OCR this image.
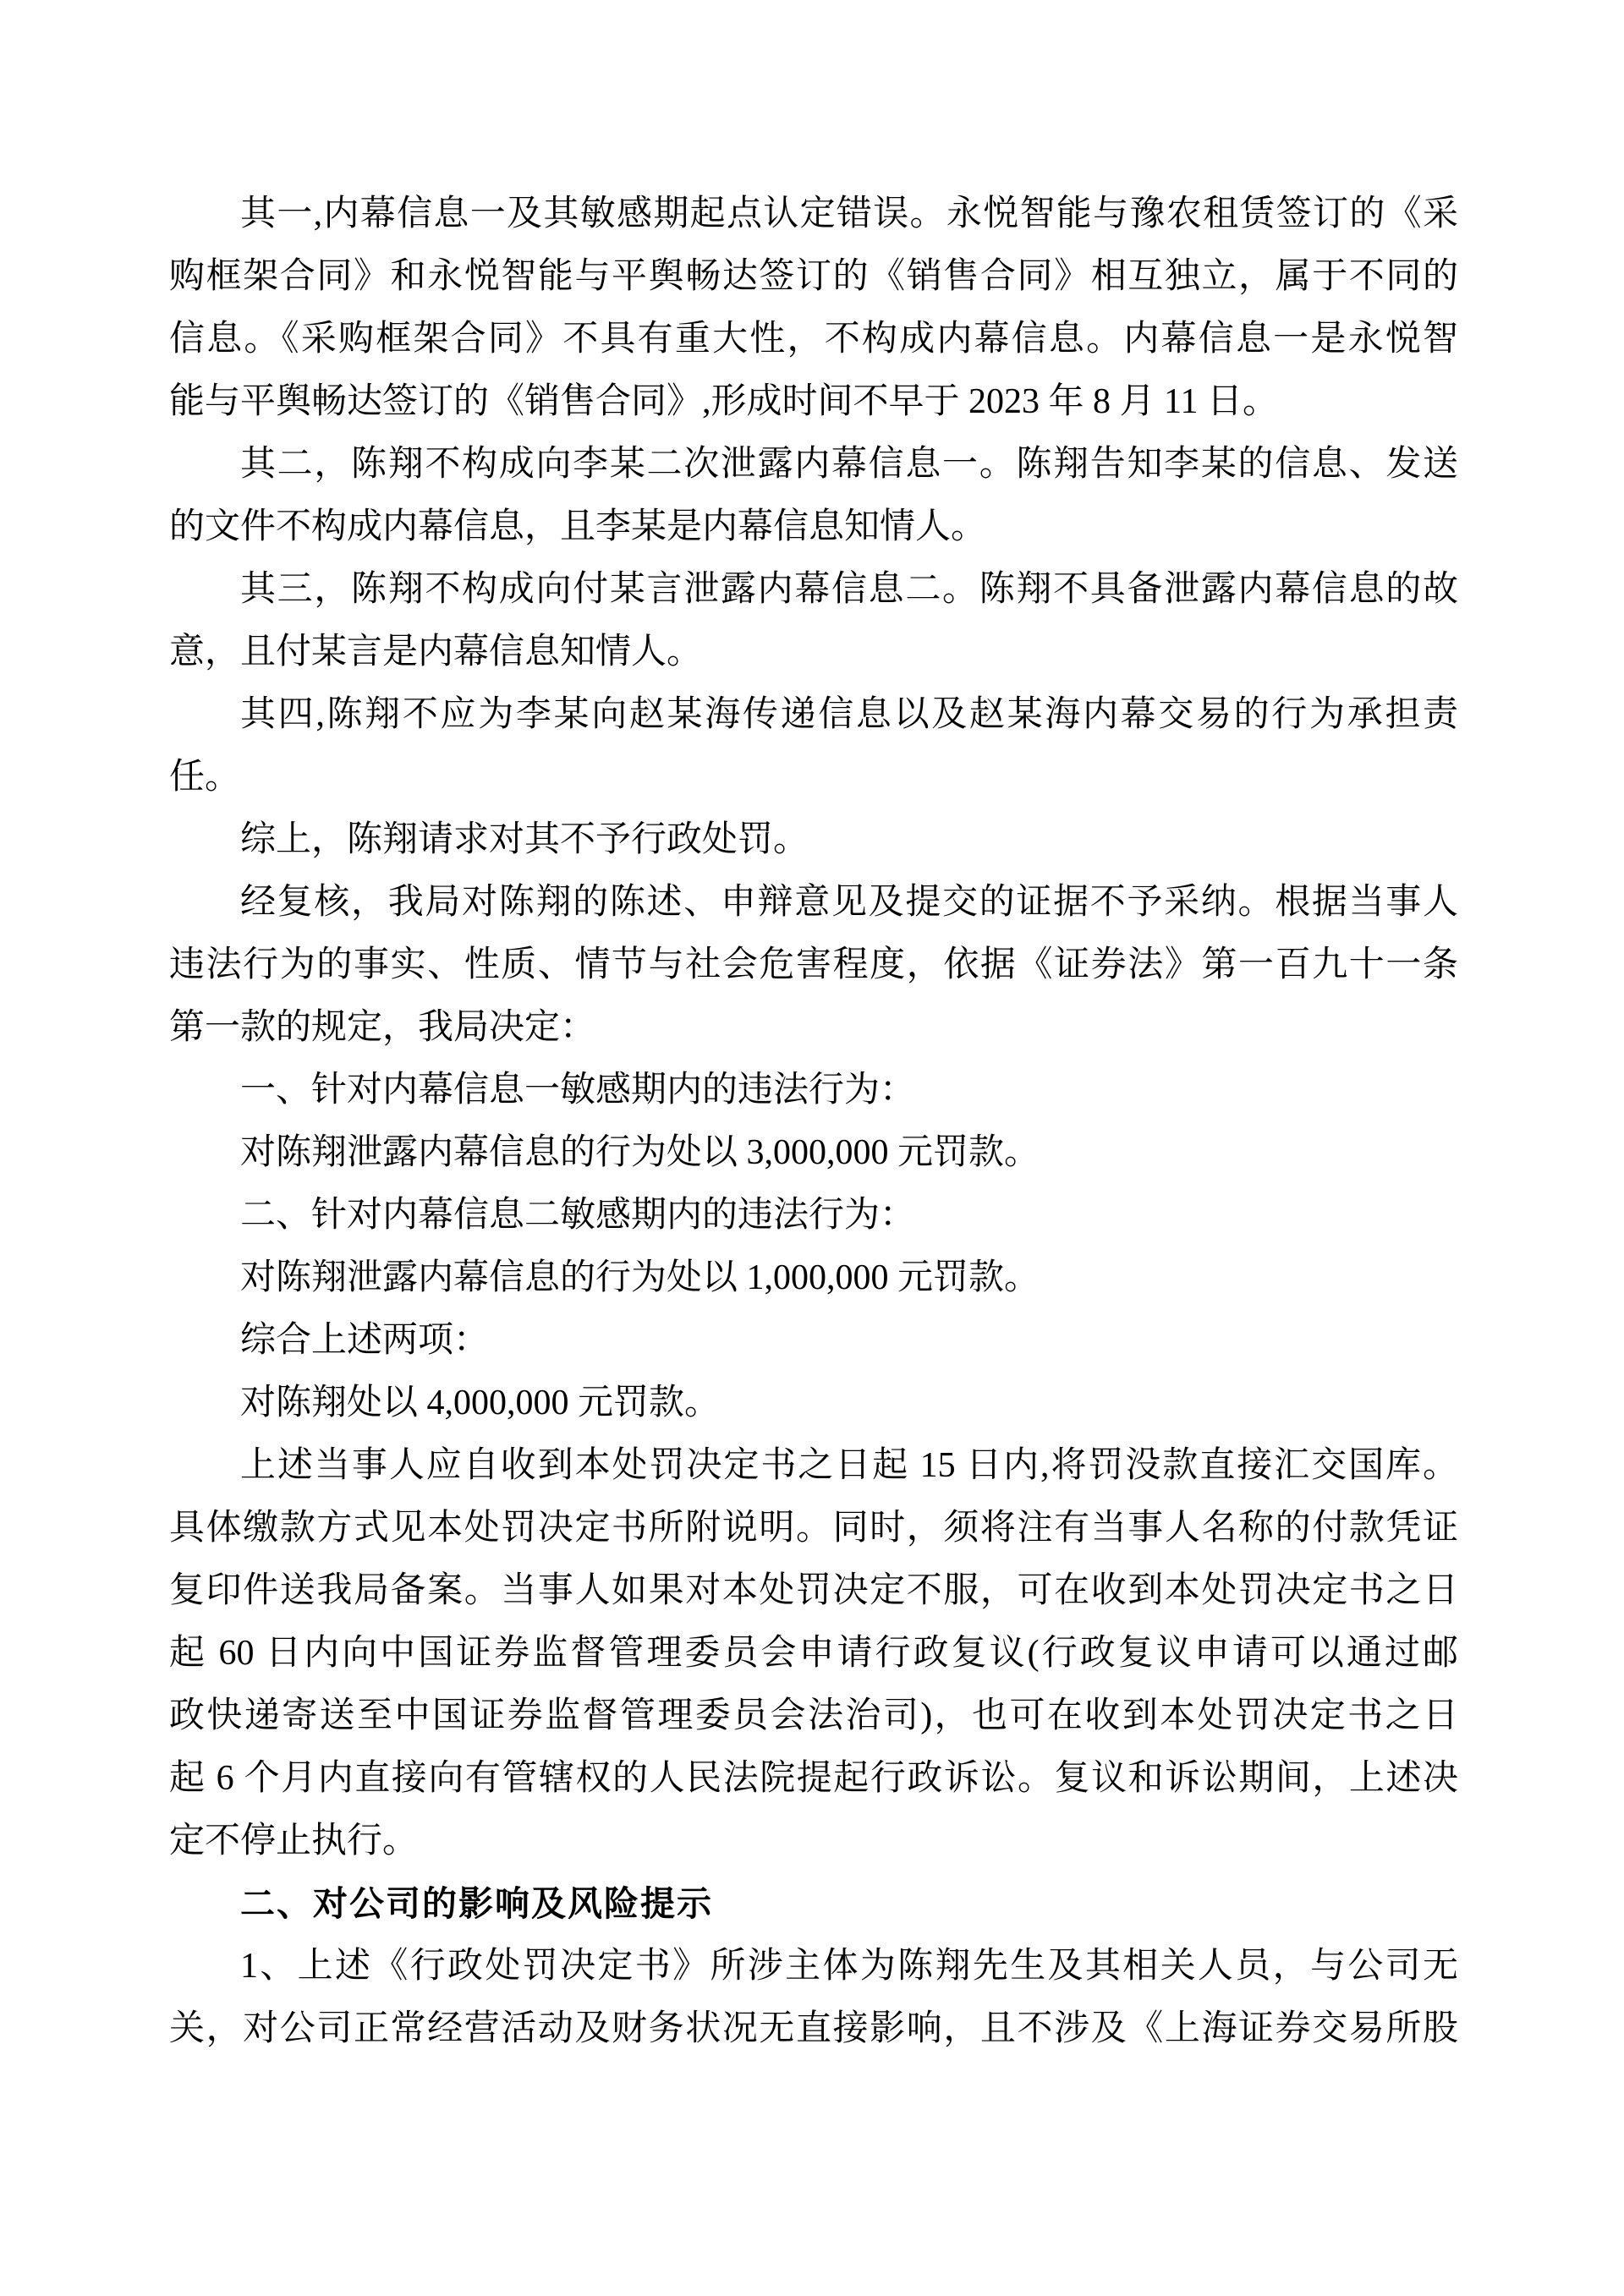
其一,内幕信息一及其敏感期起点认定错误。永悦智能与豫农租赁签订的《采
购框架合同》和永悦智能与平舆畅达签订的《销售合同》相互独立，属于不同的
信息。《采购框架合同》不具有重大性，不构成内幕信息。内幕信息一是永悦智
能与平舆畅达签订的《销售合同》,形成时间不早于 2023 年 8 月 11 日。
其二，陈翔不构成向李某二次泄露内幕信息一。陈翔告知李某的信息、发送
的文件不构成内幕信息，且李某是内幕信息知情人。
其三，陈翔不构成向付某言泄露内幕信息二。陈翔不具备泄露内幕信息的故
意，且付某言是内幕信息知情人。
其四,陈翔不应为李某向赵某海传递信息以及赵某海内幕交易的行为承担责
任。
综上，陈翔请求对其不予行政处罚。
经复核，我局对陈翔的陈述、申辩意见及提交的证据不予采纳。根据当事人
违法行为的事实、性质、情节与社会危害程度，依据《证券法》第一百九十一条
第一款的规定，我局决定：
一、针对内幕信息一敏感期内的违法行为：
对陈翔泄露内幕信息的行为处以 3,000,000 元罚款。
二、针对内幕信息二敏感期内的违法行为：
对陈翔泄露内幕信息的行为处以 1,000,000 元罚款。
综合上述两项：
对陈翔处以 4,000,000 元罚款。
上述当事人应自收到本处罚决定书之日起 15 日内,将罚没款直接汇交国库。
具体缴款方式见本处罚决定书所附说明。同时，须将注有当事人名称的付款凭证
复印件送我局备案。当事人如果对本处罚决定不服，可在收到本处罚决定书之日
起 60 日内向中国证券监督管理委员会申请行政复议(行政复议申请可以通过邮
政快递寄送至中国证券监督管理委员会法治司)，也可在收到本处罚决定书之日
起 6 个月内直接向有管辖权的人民法院提起行政诉讼。复议和诉讼期间，上述决
定不停止执行。
二、对公司的影响及风险提示
1、上述《行政处罚决定书》所涉主体为陈翔先生及其相关人员，与公司无
关，对公司正常经营活动及财务状况无直接影响，且不涉及《上海证券交易所股
